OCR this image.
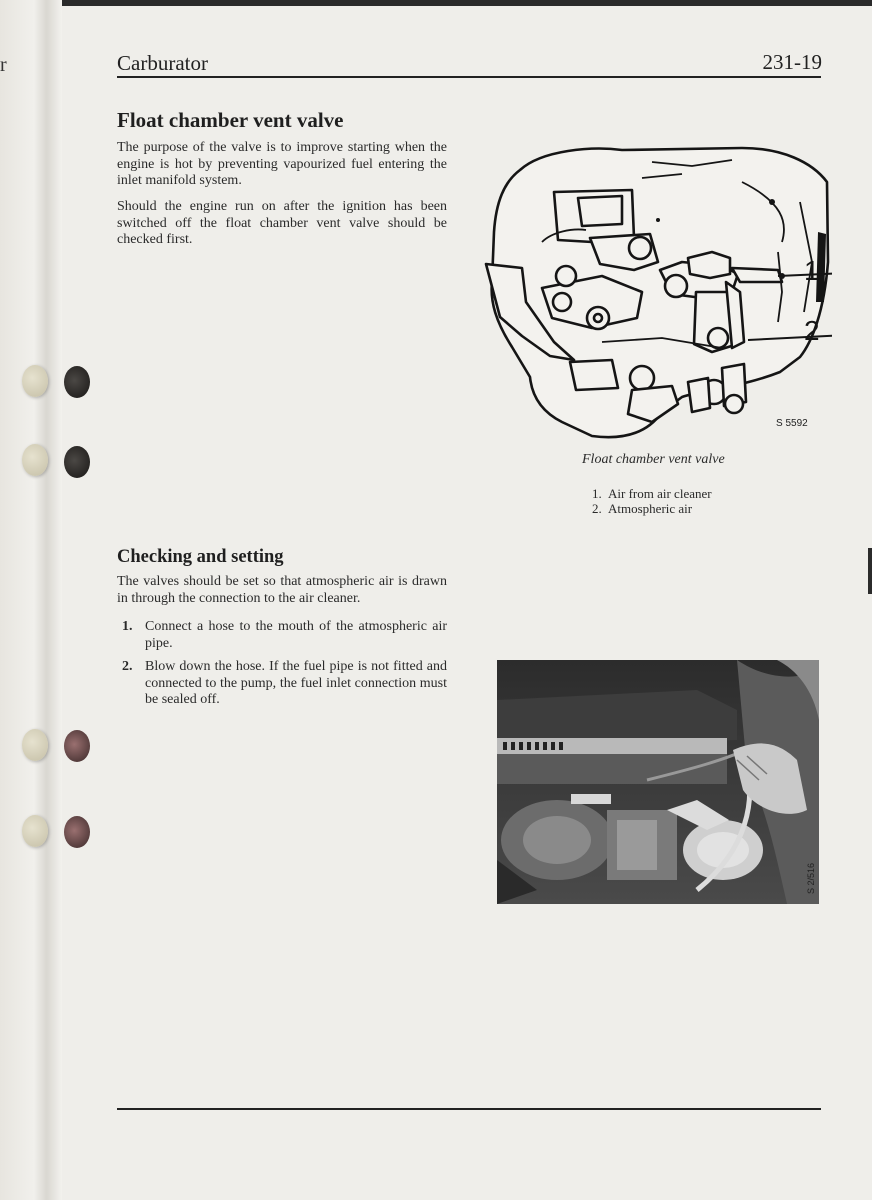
r	Carburator	231-19
Float chamber vent valve

The purpose of the valve is to improve starting when the engine is hot by preventing vapourized fuel entering the inlet manifold system.

Should the engine run on after the ignition has been switched off the float chamber vent valve should be checked first.

1
2
S 5592
Float chamber vent valve
1. Air from air cleaner
2. Atmospheric air
Checking and setting

The valves should be set so that atmospheric air is drawn in through the connection to the air cleaner.

1. Connect a hose to the mouth of the atmospheric air pipe.
2. Blow down the hose. If the fuel pipe is not fitted and connected to the pump, the fuel inlet connection must be sealed off.
S 2/516
